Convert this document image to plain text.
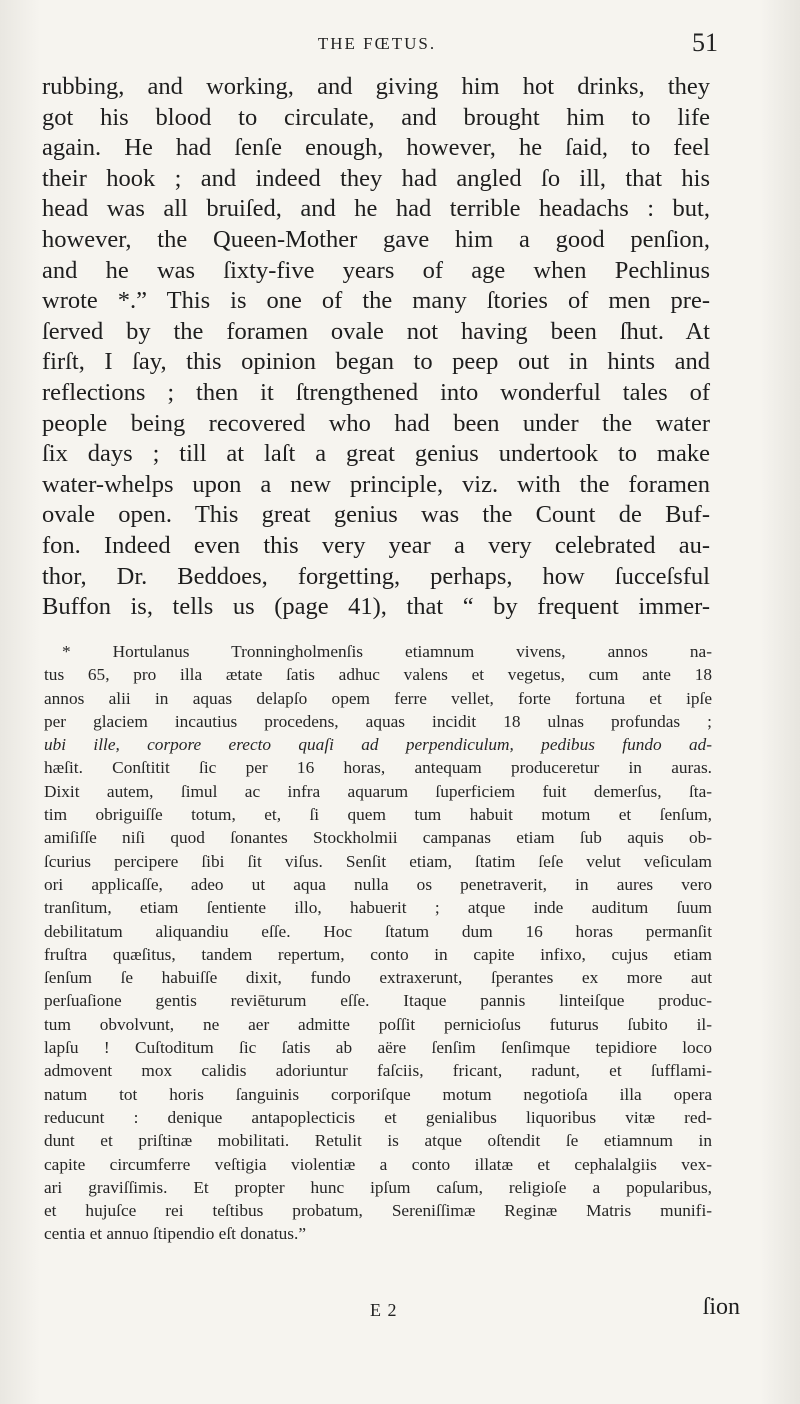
THE FŒTUS.	51
rubbing, and working, and giving him hot drinks, they
got his blood to circulate, and brought him to life
again. He had ſenſe enough, however, he ſaid, to feel
their hook ; and indeed they had angled ſo ill, that his
head was all bruiſed, and he had terrible headachs : but,
however, the Queen-Mother gave him a good penſion,
and he was ſixty-five years of age when Pechlinus
wrote *.” This is one of the many ſtories of men pre-
ſerved by the foramen ovale not having been ſhut. At
firſt, I ſay, this opinion began to peep out in hints and
reflections ; then it ſtrengthened into wonderful tales of
people being recovered who had been under the water
ſix days ; till at laſt a great genius undertook to make
water-whelps upon a new principle, viz. with the foramen
ovale open. This great genius was the Count de Buf-
fon. Indeed even this very year a very celebrated au-
thor, Dr. Beddoes, forgetting, perhaps, how ſucceſsful
Buffon is, tells us (page 41), that “ by frequent immer-
* Hortulanus Tronningholmenſis etiamnum vivens, annos na-
tus 65, pro illa ætate ſatis adhuc valens et vegetus, cum ante 18
annos alii in aquas delapſo opem ferre vellet, forte fortuna et ipſe
per glaciem incautius procedens, aquas incidit 18 ulnas profundas ;
ubi ille, corpore erecto quaſi ad perpendiculum, pedibus fundo ad-
hæſit. Conſtitit ſic per 16 horas, antequam produceretur in auras.
Dixit autem, ſimul ac infra aquarum ſuperficiem fuit demerſus, ſta-
tim obriguiſſe totum, et, ſi quem tum habuit motum et ſenſum,
amiſiſſe niſi quod ſonantes Stockholmii campanas etiam ſub aquis ob-
ſcurius percipere ſibi ſit viſus. Senſit etiam, ſtatim ſeſe velut veſiculam
ori applicaſſe, adeo ut aqua nulla os penetraverit, in aures vero
tranſitum, etiam ſentiente illo, habuerit ; atque inde auditum ſuum
debilitatum aliquandiu eſſe. Hoc ſtatum dum 16 horas permanſit
fruſtra quæſitus, tandem repertum, conto in capite infixo, cujus etiam
ſenſum ſe habuiſſe dixit, fundo extraxerunt, ſperantes ex more aut
perſuaſione gentis reviēturum eſſe. Itaque pannis linteiſque produc-
tum obvolvunt, ne aer admitte poſſit pernicioſus futurus ſubito il-
lapſu ! Cuſtoditum ſic ſatis ab aëre ſenſim ſenſimque tepidiore loco
admovent mox calidis adoriuntur faſciis, fricant, radunt, et ſufflami-
natum tot horis ſanguinis corporiſque motum negotioſa illa opera
reducunt : denique antapoplecticis et genialibus liquoribus vitæ red-
dunt et priſtinæ mobilitati. Retulit is atque oſtendit ſe etiamnum in
capite circumferre veſtigia violentiæ a conto illatæ et cephalalgiis vex-
ari graviſſimis. Et propter hunc ipſum caſum, religioſe a popularibus,
et hujuſce rei teſtibus probatum, Sereniſſimæ Reginæ Matris munifi-
centia et annuo ſtipendio eſt donatus.”
E 2	ſion
